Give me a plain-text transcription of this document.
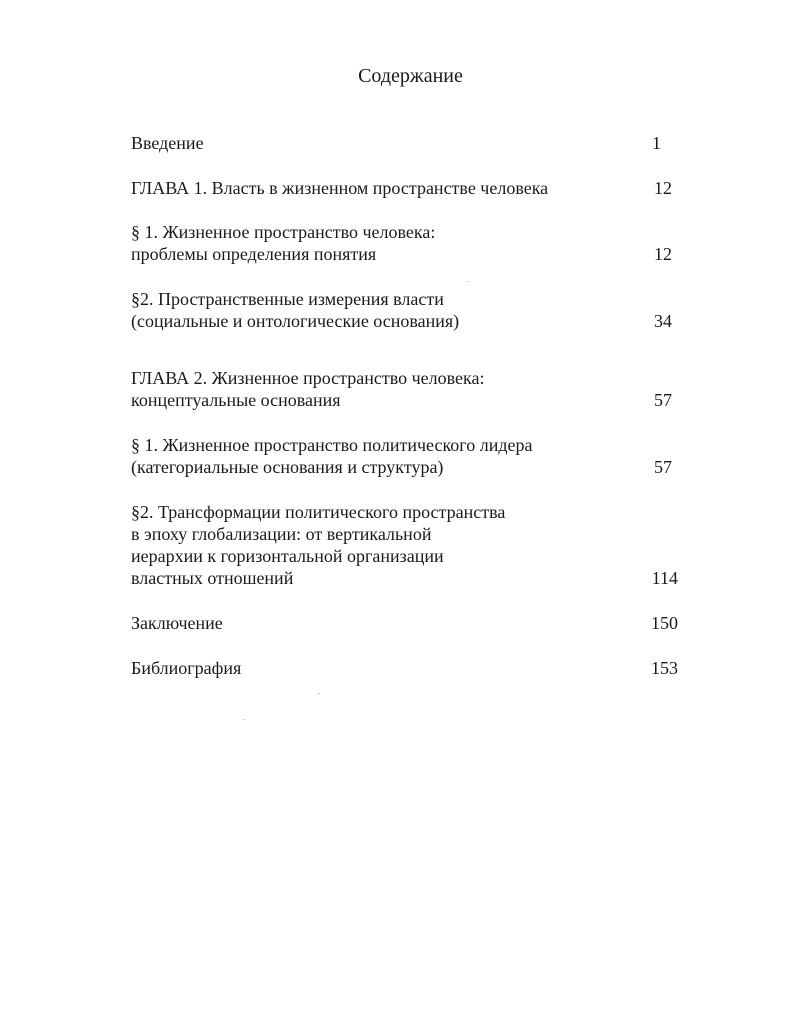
Содержание
Введение	1
ГЛАВА 1. Власть в жизненном пространстве человека	12
§ 1. Жизненное пространство человека:
проблемы определения понятия	12
§2. Пространственные измерения власти
(социальные и онтологические основания)	34
ГЛАВА 2. Жизненное пространство человека:
концептуальные основания	57
§ 1. Жизненное пространство политического лидера
(категориальные основания и структура)	57
§2. Трансформации политического пространства
в эпоху глобализации: от вертикальной
иерархии к горизонтальной организации
властных отношений	114
Заключение	150
Библиография	153
